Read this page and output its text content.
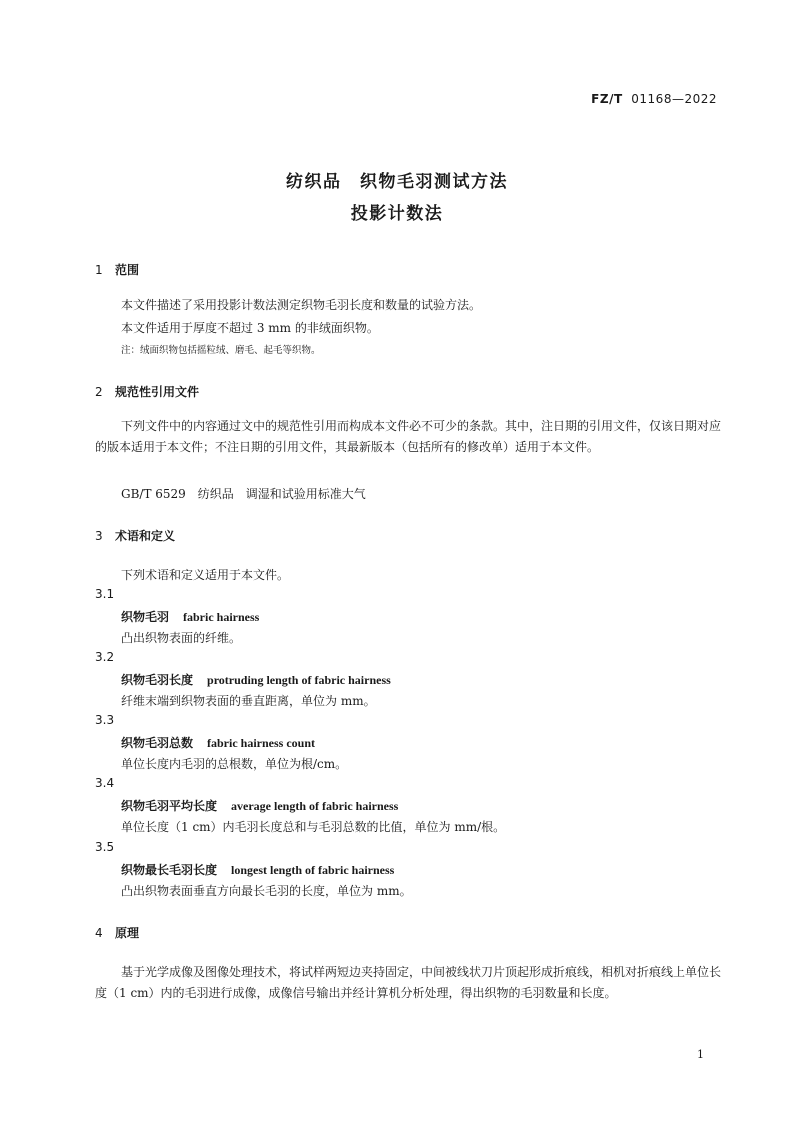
FZ/T 01168—2022
纺织品　织物毛羽测试方法
投影计数法
1 范围
本文件描述了采用投影计数法测定织物毛羽长度和数量的试验方法。
本文件适用于厚度不超过 3 mm 的非绒面织物。
注：绒面织物包括摇粒绒、磨毛、起毛等织物。
2 规范性引用文件
下列文件中的内容通过文中的规范性引用而构成本文件必不可少的条款。其中，注日期的引用文件，仅该日期对应的版本适用于本文件；不注日期的引用文件，其最新版本（包括所有的修改单）适用于本文件。
GB/T 6529　纺织品　调湿和试验用标准大气
3 术语和定义
下列术语和定义适用于本文件。
3.1
织物毛羽 fabric hairness
凸出织物表面的纤维。
3.2
织物毛羽长度 protruding length of fabric hairness
纤维末端到织物表面的垂直距离，单位为 mm。
3.3
织物毛羽总数 fabric hairness count
单位长度内毛羽的总根数，单位为根/cm。
3.4
织物毛羽平均长度 average length of fabric hairness
单位长度（1 cm）内毛羽长度总和与毛羽总数的比值，单位为 mm/根。
3.5
织物最长毛羽长度 longest length of fabric hairness
凸出织物表面垂直方向最长毛羽的长度，单位为 mm。
4 原理
基于光学成像及图像处理技术，将试样两短边夹持固定，中间被线状刀片顶起形成折痕线，相机对折痕线上单位长度（1 cm）内的毛羽进行成像，成像信号输出并经计算机分析处理，得出织物的毛羽数量和长度。
1
